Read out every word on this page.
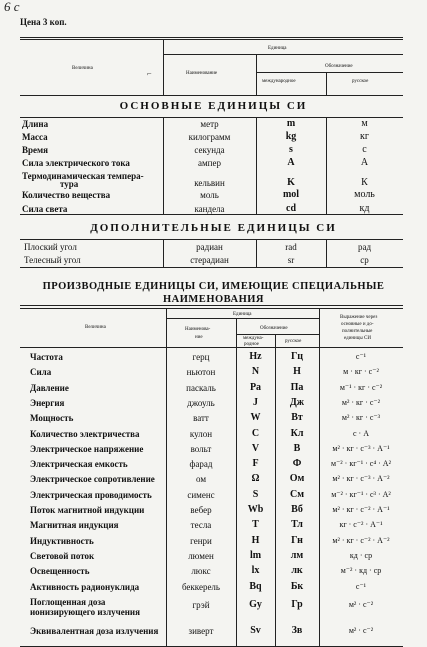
6 с
Цена 3 коп.
Величина
Единица
Наименование
Обозначение
международное	русское
⌐
ОСНОВНЫЕ ЕДИНИЦЫ СИ
ДОПОЛНИТЕЛЬНЫЕ ЕДИНИЦЫ СИ
Длина	метр	m	м
Масса	килограмм	kg	кг
Время	секунда	s	с
Сила электрического тока	ампер	A	А
Термодинамическая темпера-
тура	кельвин	K	К
Количество вещества	моль	mol	моль
Сила света	кандела	cd	кд
Плоский угол	радиан	rad	рад
Телесный угол	стерадиан	sr	ср
ПРОИЗВОДНЫЕ ЕДИНИЦЫ СИ, ИМЕЮЩИЕ СПЕЦИАЛЬНЫЕ
НАИМЕНОВАНИЯ
Величина
Единица
Наименова-
ние
Обозначение
междуна-
родное
русское
Выражение через
основные и до-
полнительные
единицы СИ
Частота	герц	Hz	Гц	c⁻¹
Сила	ньютон	N	Н	м · кг · с⁻²
Давление	паскаль	Pa	Па	м⁻¹ · кг · с⁻²
Энергия	джоуль	J	Дж	м² · кг · с⁻²
Мощность	ватт	W	Вт	м² · кг · с⁻³
Количество электричества	кулон	C	Кл	с · А
Электрическое напряжение	вольт	V	В	м² · кг · с⁻³ · А⁻¹
Электрическая емкость	фарад	F	Ф	м⁻² · кг⁻¹ · с⁴ · А²
Электрическое сопротивление	ом	Ω	Ом	м² · кг · с⁻³ · А⁻²
Электрическая проводимость	сименс	S	См	м⁻² · кг⁻¹ · с³ · А²
Поток магнитной индукции	вебер	Wb	Вб	м² · кг · с⁻² · А⁻¹
Магнитная индукция	тесла	T	Тл	кг · с⁻² · А⁻¹
Индуктивность	генри	H	Гн	м² · кг · с⁻² · А⁻²
Световой поток	люмен	lm	лм	кд · ср
Освещенность	люкс	lx	лк	м⁻² · кд · ср
Активность радионуклида	беккерель	Bq	Бк	с⁻¹
Поглощенная доза
ионизирующего излучения
грэй	Gy	Гр	м² · с⁻²
Эквивалентная доза излучения	зиверт	Sv	Зв	м² · с⁻²
